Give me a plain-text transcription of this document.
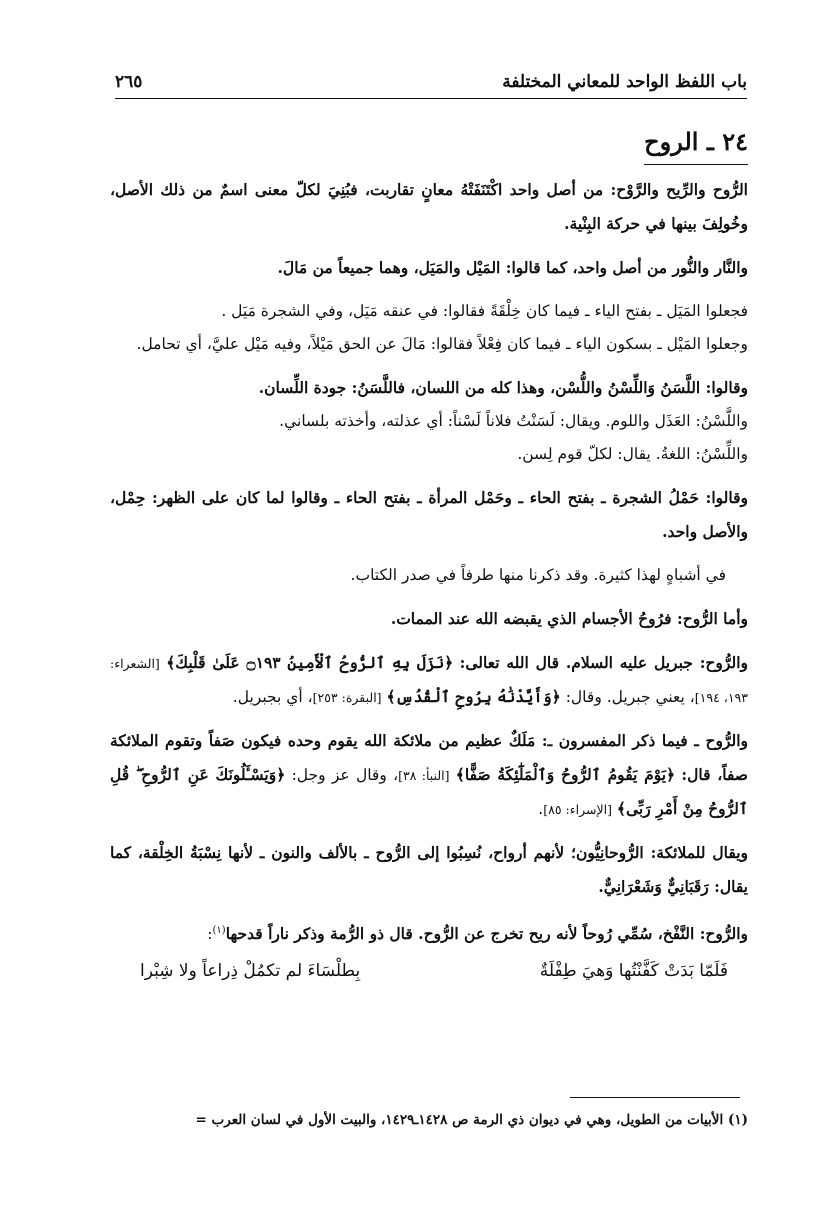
باب اللفظ الواحد للمعاني المختلفة
٢٦٥
٢٤ ـ الروح

الرُّوح والرِّيح والرَّوْح: من أصل واحد اكْتَنَفَتْهُ معانٍ تقاربت، فبُنِيَ لكلّ معنى اسمٌ من ذلك الأصل، وخُولِفَ بينها في حركة البِنْية.

والنَّار والنُّور من أصل واحد، كما قالوا: المَيْل والمَيَل، وهما جميعاً من مَالَ.

فجعلوا المَيَل ـ بفتح الياء ـ فيما كان خِلْقَةً فقالوا: في عنقه مَيَل، وفي الشجرة مَيَل .

وجعلوا المَيْل ـ بسكون الياء ـ فيما كان فِعْلاً فقالوا: مَالَ عن الحق مَيْلاً، وفيه مَيْل عليَّ، أي تحامل.

وقالوا: اللَّسَنُ وَاللِّسْنُ واللُّسْن، وهذا كله من اللسان، فاللَّسَنُ: جودة اللِّسان.

واللَّسْنُ: العَذَل واللوم. ويقال: لَسَنْتُ فلاناً لَسْناً: أي عذلته، وأخذته بلساني.

واللِّسْنُ: اللغةُ. يقال: لكلّ قوم لِسن.

وقالوا: حَمْلُ الشجرة ـ بفتح الحاء ـ وحَمْل المرأة ـ بفتح الحاء ـ وقالوا لما كان على الظهر: حِمْل، والأصل واحد.

في أشباهٍ لهذا كثيرة. وقد ذكرنا منها طرفاً في صدر الكتاب.

وأما الرُّوح: فرُوحُ الأجسام الذي يقبضه الله عند الممات.

والرُّوح: جبريل عليه السلام. قال الله تعالى: ﴿نَزَلَ بِهِ ٱلرُّوحُ ٱلْأَمِينُ ۝١٩٣ عَلَىٰ قَلْبِكَ﴾ [الشعراء: ١٩٣، ١٩٤]، يعني جبريل. وقال: ﴿وَأَيَّدْنَٰهُ بِرُوحِ ٱلْقُدُسِ﴾ [البقرة: ٢٥٣]، أي بجبريل.

والرُّوح ـ فيما ذكر المفسرون ـ: مَلَكٌ عظيم من ملائكة الله يقوم وحده فيكون صَفاً وتقوم الملائكة صفاً، قال: ﴿يَوْمَ يَقُومُ ٱلرُّوحُ وَٱلْمَلَٰٓئِكَةُ صَفًّا﴾ [النبأ: ٣٨]، وقال عز وجل: ﴿وَيَسْـَٔلُونَكَ عَنِ ٱلرُّوحِ ۖ قُلِ ٱلرُّوحُ مِنْ أَمْرِ رَبِّى﴾ [الإسراء: ٨٥].

ويقال للملائكة: الرُّوحانِيُّون؛ لأنهم أرواح، نُسِبُوا إلى الرُّوح ـ بالألف والنون ـ لأنها نِسْبَةُ الخِلْقة، كما يقال: رَقَبَانِيٌّ وَشَعْرَانِيٌّ.

والرُّوح: النَّفْخ، سُمِّي رُوحاً لأنه ريح تخرج عن الرُّوح. قال ذو الرُّمة وذكر ناراً قدحها$^{(١)}$:

فَلَمّا بَدَتْ كَفَّنْتُها وَهيَ طِفْلَةٌ
بِطلْسَاءَ لم تكمُلْ ذِراعاً ولا شِبْرا
(١) الأبيات من الطويل، وهي في ديوان ذي الرمة ص ١٤٢٨ـ١٤٢٩، والبيت الأول في لسان العرب =
